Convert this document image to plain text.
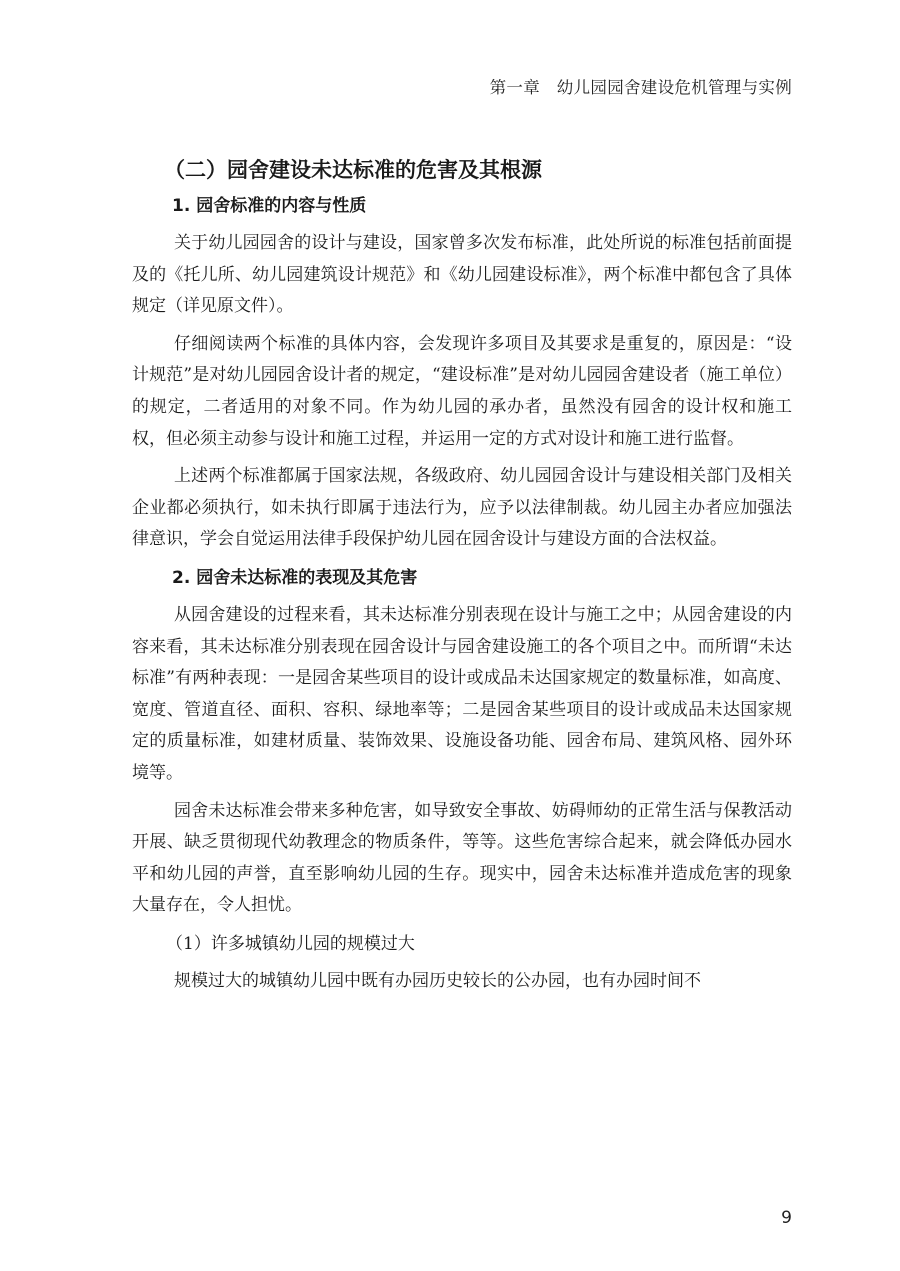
第一章　幼儿园园舍建设危机管理与实例
（二）园舍建设未达标准的危害及其根源
1. 园舍标准的内容与性质

关于幼儿园园舍的设计与建设，国家曾多次发布标准，此处所说的标准包括前面提及的《托儿所、幼儿园建筑设计规范》和《幼儿园建设标准》，两个标准中都包含了具体规定（详见原文件）。

仔细阅读两个标准的具体内容，会发现许多项目及其要求是重复的，原因是：“设计规范”是对幼儿园园舍设计者的规定，“建设标准”是对幼儿园园舍建设者（施工单位）的规定，二者适用的对象不同。作为幼儿园的承办者，虽然没有园舍的设计权和施工权，但必须主动参与设计和施工过程，并运用一定的方式对设计和施工进行监督。

上述两个标准都属于国家法规，各级政府、幼儿园园舍设计与建设相关部门及相关企业都必须执行，如未执行即属于违法行为，应予以法律制裁。幼儿园主办者应加强法律意识，学会自觉运用法律手段保护幼儿园在园舍设计与建设方面的合法权益。

2. 园舍未达标准的表现及其危害

从园舍建设的过程来看，其未达标准分别表现在设计与施工之中；从园舍建设的内容来看，其未达标准分别表现在园舍设计与园舍建设施工的各个项目之中。而所谓“未达标准”有两种表现：一是园舍某些项目的设计或成品未达国家规定的数量标准，如高度、宽度、管道直径、面积、容积、绿地率等；二是园舍某些项目的设计或成品未达国家规定的质量标准，如建材质量、装饰效果、设施设备功能、园舍布局、建筑风格、园外环境等。

园舍未达标准会带来多种危害，如导致安全事故、妨碍师幼的正常生活与保教活动开展、缺乏贯彻现代幼教理念的物质条件，等等。这些危害综合起来，就会降低办园水平和幼儿园的声誉，直至影响幼儿园的生存。现实中，园舍未达标准并造成危害的现象大量存在，令人担忧。

（1）许多城镇幼儿园的规模过大

规模过大的城镇幼儿园中既有办园历史较长的公办园，也有办园时间不

9
